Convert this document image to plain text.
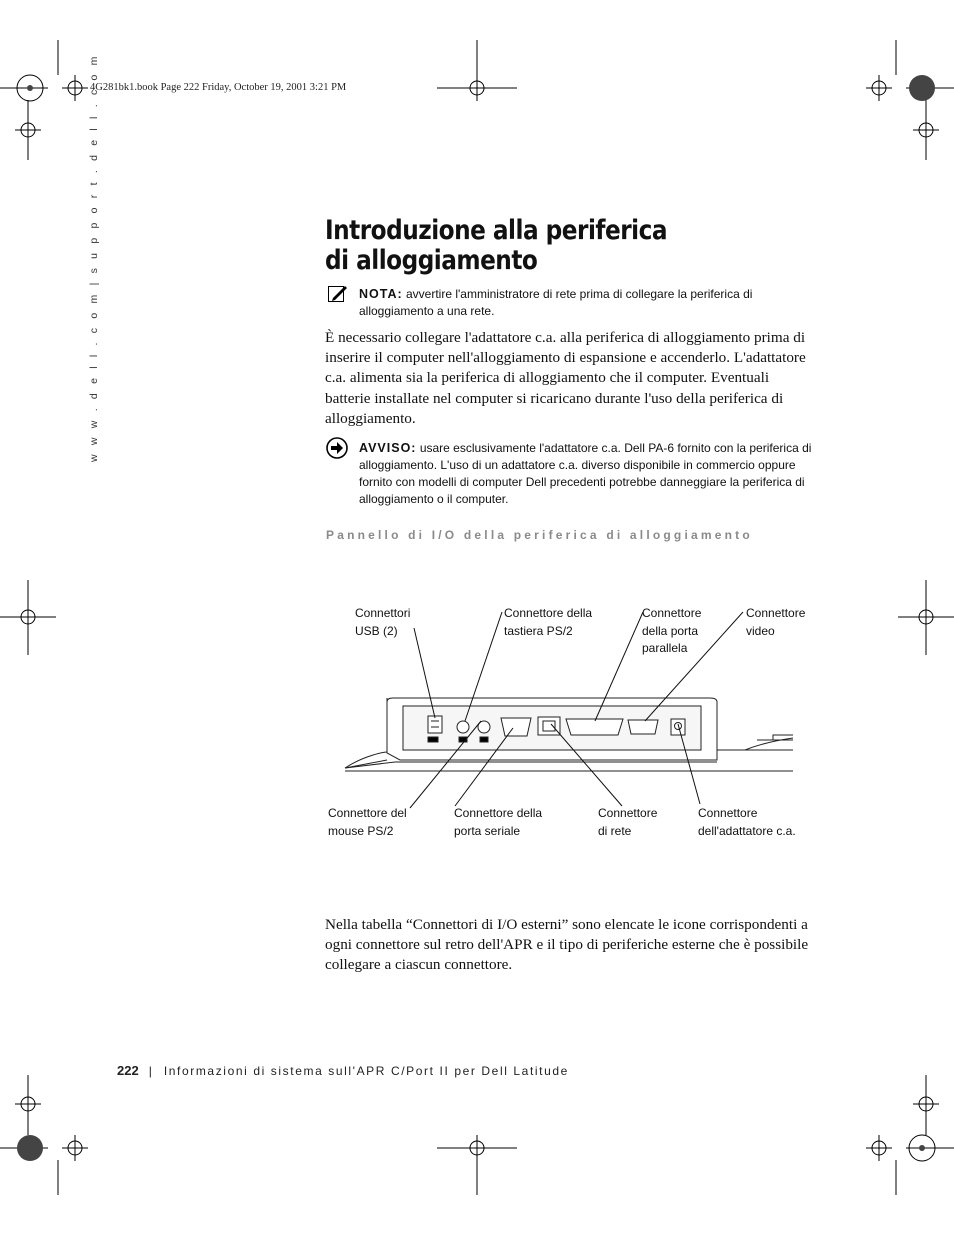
4G281bk1.book Page 222 Friday, October 19, 2001 3:21 PM
w w w . d e l l . c o m | s u p p o r t . d e l l . c o m	Introduzione alla periferica
di alloggiamento
NOTA: avvertire l'amministratore di rete prima di collegare la periferica di alloggiamento a una rete.

È necessario collegare l'adattatore c.a. alla periferica di alloggiamento prima di inserire il computer nell'alloggiamento di espansione e accenderlo. L'adattatore c.a. alimenta sia la periferica di alloggiamento che il computer. Eventuali batterie installate nel computer si ricaricano durante l'uso della periferica di alloggiamento.

AVVISO: usare esclusivamente l'adattatore c.a. Dell PA-6 fornito con la periferica di alloggiamento. L'uso di un adattatore c.a. diverso disponibile in commercio oppure fornito con modelli di computer Dell precedenti potrebbe danneggiare la periferica di alloggiamento o il computer.
Pannello di I/O della periferica di alloggiamento
Connettori
USB (2)
Connettore della
tastiera PS/2
Connettore
della porta
parallela
Connettore
video
Connettore del
mouse PS/2
Connettore della
porta seriale
Connettore
di rete
Connettore
dell'adattatore c.a.

Nella tabella “Connettori di I/O esterni” sono elencate le icone corrispondenti a ogni connettore sul retro dell'APR e il tipo di periferiche esterne che è possibile collegare a ciascun connettore.

222 | Informazioni di sistema sull'APR C/Port II per Dell Latitude
